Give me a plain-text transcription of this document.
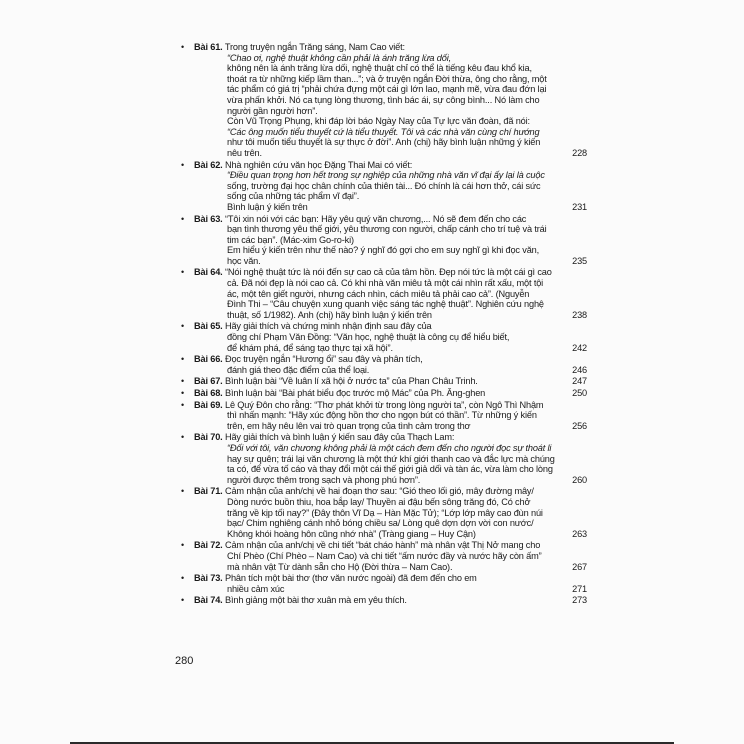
• Bài 61. Trong truyện ngắn Trăng sáng, Nam Cao viết:
“Chao ơi, nghệ thuật không cần phải là ánh trăng lừa dối,
không nên là ánh trăng lừa dối, nghệ thuật chỉ có thể là tiếng kêu đau khổ kia,
thoát ra từ những kiếp lầm than...”; và ở truyện ngắn Đời thừa, ông cho rằng, một
tác phẩm có giá trị “phải chứa đựng một cái gì lớn lao, mạnh mẽ, vừa đau đớn lại
vừa phấn khởi. Nó ca tụng lòng thương, tình bác ái, sự công bình... Nó làm cho
người gần người hơn”.
Còn Vũ Trọng Phụng, khi đáp lời báo Ngày Nay của Tự lực văn đoàn, đã nói:
“Các ông muốn tiểu thuyết cứ là tiểu thuyết. Tôi và các nhà văn cùng chí hướng
như tôi muốn tiểu thuyết là sự thực ở đời”. Anh (chị) hãy bình luận những ý kiến
nêu trên.	228
• Bài 62. Nhà nghiên cứu văn học Đặng Thai Mai có viết:
“Điều quan trọng hơn hết trong sự nghiệp của những nhà văn vĩ đại ấy lại là cuộc
sống, trường đại học chân chính của thiên tài... Đó chính là cái hơn thở, cái sức
sống của những tác phẩm vĩ đại”.
Bình luận ý kiến trên	231
• Bài 63. “Tôi xin nói với các bạn: Hãy yêu quý văn chương,... Nó sẽ đem đến cho các
bạn tình thương yêu thế giới, yêu thương con người, chấp cánh cho trí tuệ và trái
tim các bạn”. (Mác-xim Go-ro-ki)
Em hiểu ý kiến trên như thế nào? ý nghĩ đó gợi cho em suy nghĩ gì khi đọc văn,
học văn.	235
• Bài 64. “Nói nghệ thuật tức là nói đến sự cao cả của tâm hồn. Đẹp nói tức là một cái gì cao
cả. Đã nói đẹp là nói cao cả. Có khi nhà văn miêu tả một cái nhìn rất xấu, một tội
ác, một tên giết người, nhưng cách nhìn, cách miêu tả phải cao cả”. (Nguyễn
Đình Thi – “Câu chuyện xung quanh việc sáng tác nghệ thuật”. Nghiên cứu nghệ
thuật, số 1/1982). Anh (chị) hãy bình luận ý kiến trên	238
• Bài 65. Hãy giải thích và chứng minh nhận định sau đây của
đồng chí Phạm Văn Đồng: “Văn học, nghệ thuật là công cụ để hiểu biết,
để khám phá, để sáng tạo thực tại xã hội”.	242
• Bài 66. Đọc truyện ngắn “Hương ổi” sau đây và phân tích,
đánh giá theo đặc điểm của thể loại.	246
• Bài 67. Bình luận bài “Về luân lí xã hội ở nước ta” của Phan Châu Trinh.	247
• Bài 68. Bình luận bài “Bài phát biểu đọc trước mộ Mác” của Ph. Ăng-ghen	250
• Bài 69. Lê Quý Đôn cho rằng: “Thơ phát khởi từ trong lòng người ta”, còn Ngô Thì Nhậm
thì nhấn mạnh: “Hãy xúc động hồn thơ cho ngọn bút có thần”. Từ những ý kiến
trên, em hãy nêu lên vai trò quan trọng của tình cảm trong thơ	256
• Bài 70. Hãy giải thích và bình luận ý kiến sau đây của Thạch Lam:
“Đối với tôi, văn chương không phải là một cách đem đến cho người đọc sự thoát li
hay sự quên; trái lại văn chương là một thứ khí giới thanh cao và đắc lực mà chúng
ta có, để vừa tố cáo và thay đổi một cái thế giới giả dối và tàn ác, vừa làm cho lòng
người được thêm trong sạch và phong phú hơn”.	260
• Bài 71. Cảm nhận của anh/chị về hai đoạn thơ sau: “Gió theo lối gió, mây đường mây/
Dòng nước buồn thiu, hoa bắp lay/ Thuyền ai đậu bến sông trăng đó, Có chở
trăng về kịp tối nay?” (Đây thôn Vĩ Dạ – Hàn Mặc Tử); “Lớp lớp mây cao đùn núi
bạc/ Chim nghiêng cánh nhỏ bóng chiều sa/ Lòng quê dợn dợn vời con nước/
Không khói hoàng hôn cũng nhớ nhà” (Tràng giang – Huy Cận)	263
• Bài 72. Cảm nhận của anh/chị về chi tiết “bát cháo hành” mà nhân vật Thị Nở mang cho
Chí Phèo (Chí Phèo – Nam Cao) và chi tiết “ấm nước đầy và nước hãy còn ấm”
mà nhân vật Từ dành sẵn cho Hộ (Đời thừa – Nam Cao).	267
• Bài 73. Phân tích một bài thơ (thơ văn nước ngoài) đã đem đến cho em
nhiều cảm xúc	271
• Bài 74. Bình giảng một bài thơ xuân mà em yêu thích.	273
280
